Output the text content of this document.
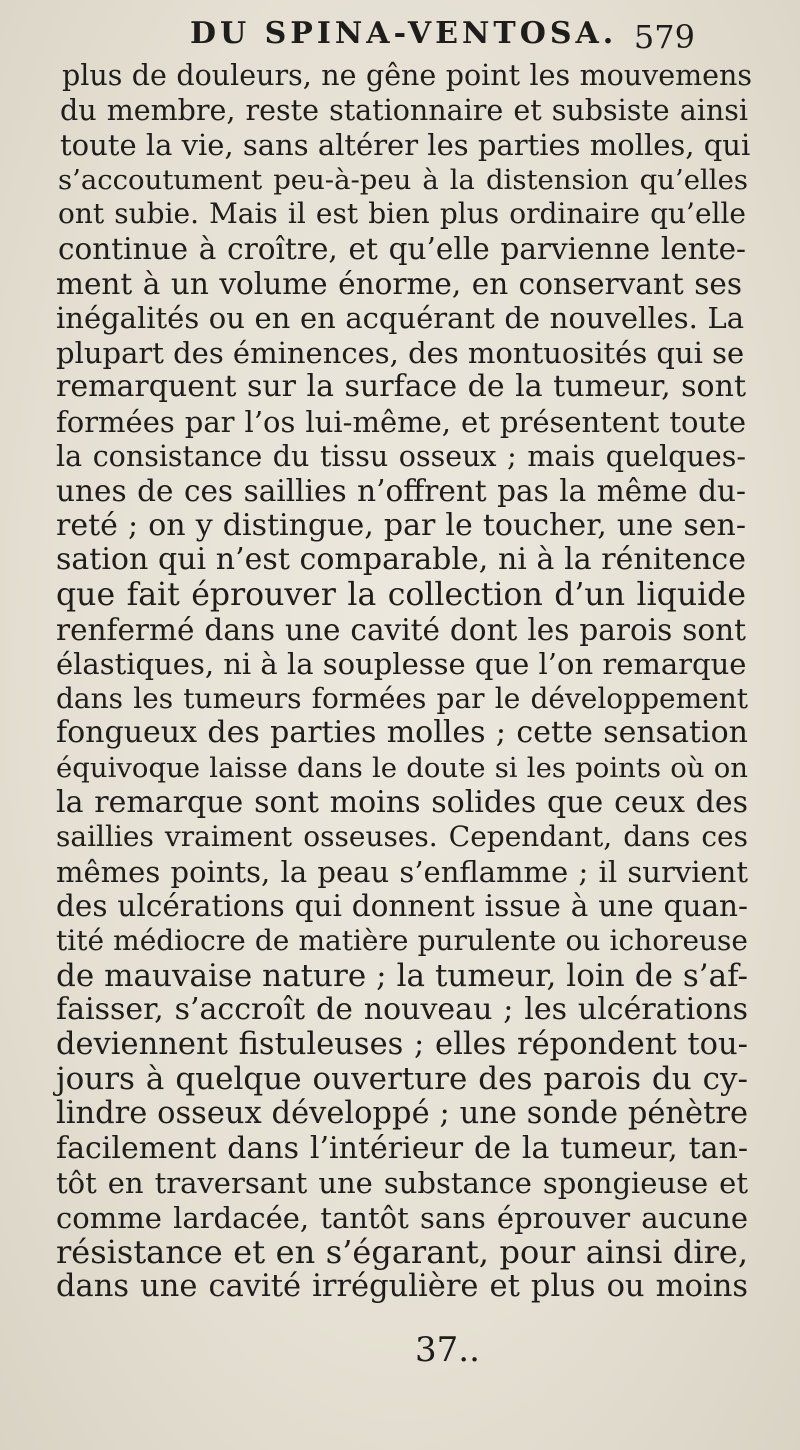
DU SPINA-VENTOSA. 579
plus de douleurs, ne gêne point les mouvemens
du membre, reste stationnaire et subsiste ainsi
toute la vie, sans altérer les parties molles, qui
s’accoutument peu-à-peu à la distension qu’elles
ont subie. Mais il est bien plus ordinaire qu’elle
continue à croître, et qu’elle parvienne lente-
ment à un volume énorme, en conservant ses
inégalités ou en en acquérant de nouvelles. La
plupart des éminences, des montuosités qui se
remarquent sur la surface de la tumeur, sont
formées par l’os lui-même, et présentent toute
la consistance du tissu osseux ; mais quelques-
unes de ces saillies n’offrent pas la même du-
reté ; on y distingue, par le toucher, une sen-
sation qui n’est comparable, ni à la rénitence
que fait éprouver la collection d’un liquide
renfermé dans une cavité dont les parois sont
élastiques, ni à la souplesse que l’on remarque
dans les tumeurs formées par le développement
fongueux des parties molles ; cette sensation
équivoque laisse dans le doute si les points où on
la remarque sont moins solides que ceux des
saillies vraiment osseuses. Cependant, dans ces
mêmes points, la peau s’enflamme ; il survient
des ulcérations qui donnent issue à une quan-
tité médiocre de matière purulente ou ichoreuse
de mauvaise nature ; la tumeur, loin de s’af-
faisser, s’accroît de nouveau ; les ulcérations
deviennent fistuleuses ; elles répondent tou-
jours à quelque ouverture des parois du cy-
lindre osseux développé ; une sonde pénètre
facilement dans l’intérieur de la tumeur, tan-
tôt en traversant une substance spongieuse et
comme lardacée, tantôt sans éprouver aucune
résistance et en s’égarant, pour ainsi dire,
dans une cavité irrégulière et plus ou moins
37..
